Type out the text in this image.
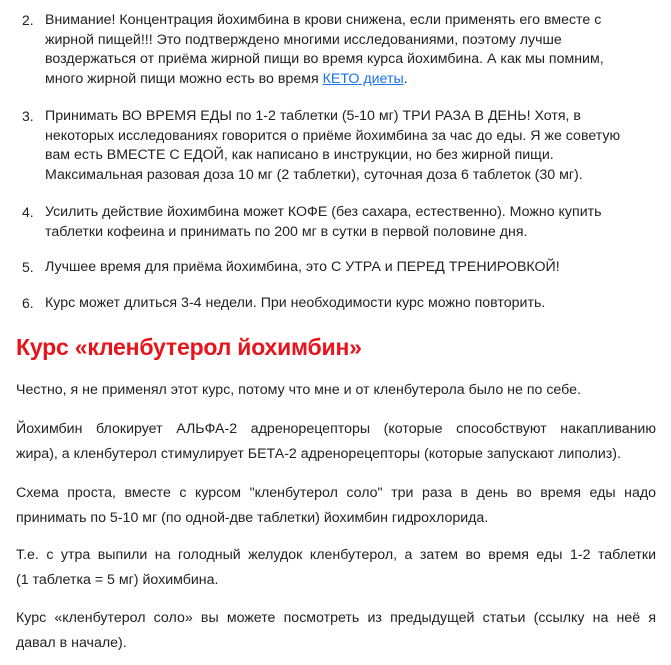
2. Внимание! Концентрация йохимбина в крови снижена, если применять его вместе с
жирной пищей!!! Это подтверждено многими исследованиями, поэтому лучше
воздержаться от приёма жирной пищи во время курса йохимбина. А как мы помним,
много жирной пищи можно есть во время КЕТО диеты.
3. Принимать ВО ВРЕМЯ ЕДЫ по 1-2 таблетки (5-10 мг) ТРИ РАЗА В ДЕНЬ! Хотя, в
некоторых исследованиях говорится о приёме йохимбина за час до еды. Я же советую
вам есть ВМЕСТЕ С ЕДОЙ, как написано в инструкции, но без жирной пищи.
Максимальная разовая доза 10 мг (2 таблетки), суточная доза 6 таблеток (30 мг).
4. Усилить действие йохимбина может КОФЕ (без сахара, естественно). Можно купить
таблетки кофеина и принимать по 200 мг в сутки в первой половине дня.
5. Лучшее время для приёма йохимбина, это С УТРА и ПЕРЕД ТРЕНИРОВКОЙ!
6. Курс может длиться 3-4 недели. При необходимости курс можно повторить.
Курс «кленбутерол йохимбин»
Честно, я не применял этот курс, потому что мне и от кленбутерола было не по себе.
Йохимбин блокирует АЛЬФА-2 адренорецепторы (которые способствуют накапливанию
жира), а кленбутерол стимулирует БЕТА-2 адренорецепторы (которые запускают липолиз).
Схема проста, вместе с курсом "кленбутерол соло" три раза в день во время еды надо
принимать по 5-10 мг (по одной-две таблетки) йохимбин гидрохлорида.
Т.е. с утра выпили на голодный желудок кленбутерол, а затем во время еды 1-2 таблетки
(1 таблетка = 5 мг) йохимбина.
Курс «кленбутерол соло» вы можете посмотреть из предыдущей статьи (ссылку на неё я
давал в начале).
